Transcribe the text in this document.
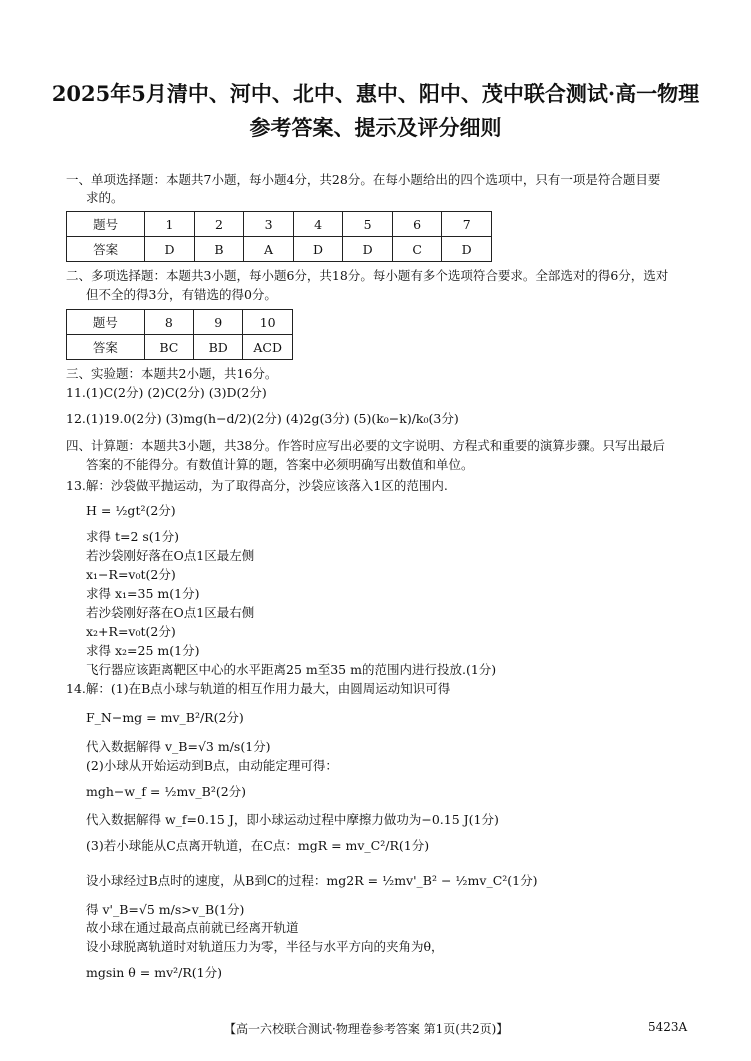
2025年5月清中、河中、北中、惠中、阳中、茂中联合测试·高一物理
参考答案、提示及评分细则
一、单项选择题：本题共7小题，每小题4分，共28分。在每小题给出的四个选项中，只有一项是符合题目要
求的。
题号	1	2	3	4	5	6	7
答案	D	B	A	D	D	C	D
二、多项选择题：本题共3小题，每小题6分，共18分。每小题有多个选项符合要求。全部选对的得6分，选对
但不全的得3分，有错选的得0分。
题号	8	9	10
答案	BC	BD	ACD
三、实验题：本题共2小题，共16分。
11.(1)C(2分) (2)C(2分) (3)D(2分)
12.(1)19.0(2分) (3)mg(h−d/2)(2分) (4)2g(3分) (5)(k₀−k)/k₀(3分)
四、计算题：本题共3小题，共38分。作答时应写出必要的文字说明、方程式和重要的演算步骤。只写出最后
答案的不能得分。有数值计算的题，答案中必须明确写出数值和单位。
13.解：沙袋做平抛运动，为了取得高分，沙袋应该落入1区的范围内.
H = ½gt²(2分)
求得 t=2 s(1分)
若沙袋刚好落在O点1区最左侧
x₁−R=v₀t(2分)
求得 x₁=35 m(1分)
若沙袋刚好落在O点1区最右侧
x₂+R=v₀t(2分)
求得 x₂=25 m(1分)
飞行器应该距离靶区中心的水平距离25 m至35 m的范围内进行投放.(1分)
14.解：(1)在B点小球与轨道的相互作用力最大，由圆周运动知识可得
F_N−mg = mv_B²/R(2分)
代入数据解得 v_B=√3 m/s(1分)
(2)小球从开始运动到B点，由动能定理可得：
mgh−w_f = ½mv_B²(2分)
代入数据解得 w_f=0.15 J，即小球运动过程中摩擦力做功为−0.15 J(1分)
(3)若小球能从C点离开轨道，在C点：mgR = mv_C²/R(1分)
设小球经过B点时的速度，从B到C的过程：mg2R = ½mv'_B² − ½mv_C²(1分)
得 v'_B=√5 m/s>v_B(1分)
故小球在通过最高点前就已经离开轨道
设小球脱离轨道时对轨道压力为零，半径与水平方向的夹角为θ，
mgsin θ = mv²/R(1分)
【高一六校联合测试·物理卷参考答案 第1页(共2页)】	5423A
